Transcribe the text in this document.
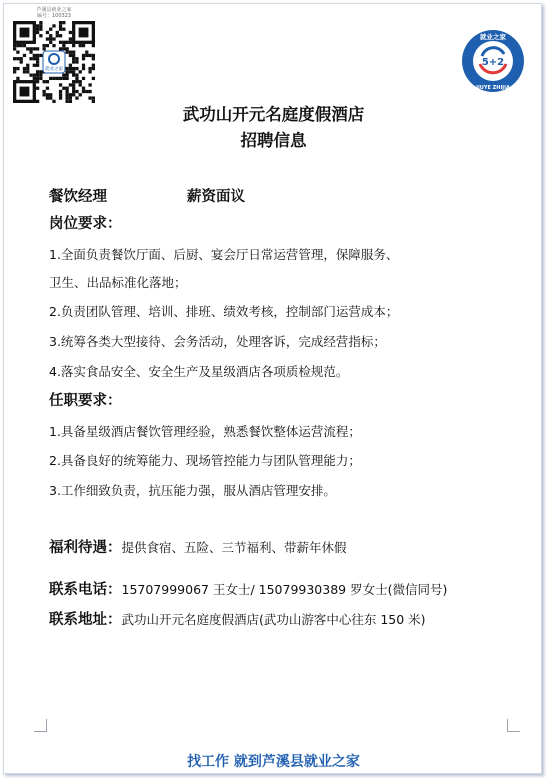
芦溪县就业之家
编号：100323
就业之家
5+2
就业之家
JIUYE ZHIJIA
武功山开元名庭度假酒店
招聘信息
餐饮经理	薪资面议
岗位要求：
1.全面负责餐饮厅面、后厨、宴会厅日常运营管理，保障服务、
卫生、出品标准化落地；
2.负责团队管理、培训、排班、绩效考核，控制部门运营成本；
3.统筹各类大型接待、会务活动，处理客诉，完成经营指标；
4.落实食品安全、安全生产及星级酒店各项质检规范。
任职要求：
1.具备星级酒店餐饮管理经验，熟悉餐饮整体运营流程；
2.具备良好的统筹能力、现场管控能力与团队管理能力；
3.工作细致负责，抗压能力强，服从酒店管理安排。
福利待遇：提供食宿、五险、三节福利、带薪年休假
联系电话：15707999067 王女士/ 15079930389 罗女士(微信同号)
联系地址：武功山开元名庭度假酒店(武功山游客中心往东 150 米)
找工作 就到芦溪县就业之家
